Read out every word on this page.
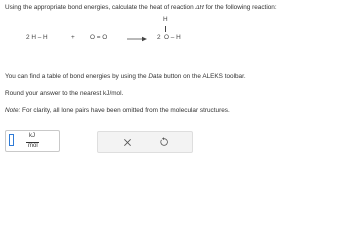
Using the appropriate bond energies, calculate the heat of reaction ΔH for the following reaction:
2 H – H	+ O = O → 2 O – H
H
You can find a table of bond energies by using the Data button on the ALEKS toolbar.
Round your answer to the nearest kJ/mol.
Note: For clarity, all lone pairs have been omitted from the molecular structures.
kJ
mol
